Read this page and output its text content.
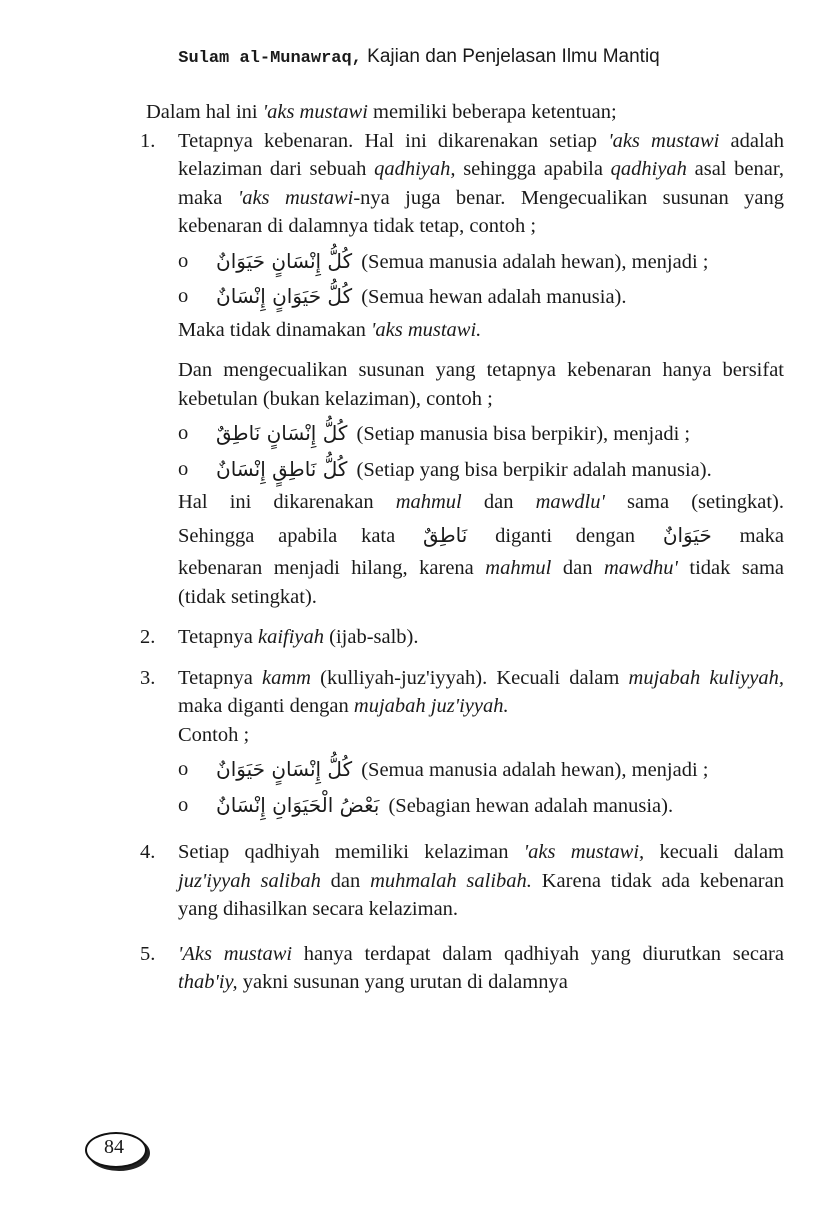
Sulam al-Munawraq, Kajian dan Penjelasan Ilmu Mantiq

Dalam hal ini 'aks mustawi memiliki beberapa ketentuan;

1. Tetapnya kebenaran. Hal ini dikarenakan setiap 'aks mustawi adalah kelaziman dari sebuah qadhiyah, sehingga apabila qadhiyah asal benar, maka 'aks mustawi-nya juga benar. Mengecualikan susunan yang kebenaran di dalamnya tidak tetap, contoh ;

o كُلُّ إِنْسَانٍ حَيَوَانٌ (Semua manusia adalah hewan), menjadi ;
o كُلُّ حَيَوَانٍ إِنْسَانٌ (Semua hewan adalah manusia).

Maka tidak dinamakan 'aks mustawi.

Dan mengecualikan susunan yang tetapnya kebenaran hanya bersifat kebetulan (bukan kelaziman), contoh ;

o كُلُّ إِنْسَانٍ نَاطِقٌ (Setiap manusia bisa berpikir), menjadi ;
o كُلُّ نَاطِقٍ إِنْسَانٌ (Setiap yang bisa berpikir adalah manusia).

Hal ini dikarenakan mahmul dan mawdlu' sama (setingkat).

Sehingga apabila kata نَاطِقٌ diganti dengan حَيَوَانٌ maka

kebenaran menjadi hilang, karena mahmul dan mawdhu' tidak sama (tidak setingkat).

2. Tetapnya kaifiyah (ijab-salb).

3. Tetapnya kamm (kulliyah-juz'iyyah). Kecuali dalam mujabah kuliyyah, maka diganti dengan mujabah juz'iyyah.

Contoh ;

o كُلُّ إِنْسَانٍ حَيَوَانٌ (Semua manusia adalah hewan), menjadi ;
o بَعْضُ الْحَيَوَانِ إِنْسَانٌ (Sebagian hewan adalah manusia).
4. Setiap qadhiyah memiliki kelaziman 'aks mustawi, kecuali dalam juz'iyyah salibah dan muhmalah salibah. Karena tidak ada kebenaran yang dihasilkan secara kelaziman.

5. 'Aks mustawi hanya terdapat dalam qadhiyah yang diurutkan secara thab'iy, yakni susunan yang urutan di dalamnya

84
